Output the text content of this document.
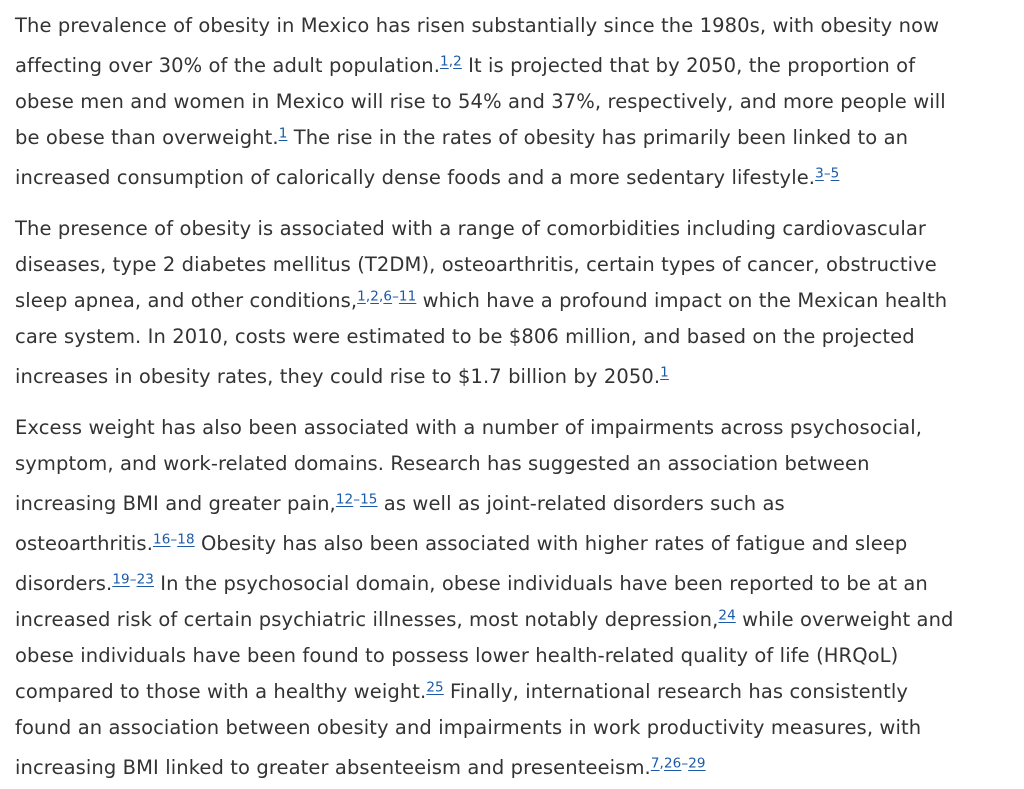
The prevalence of obesity in Mexico has risen substantially since the 1980s, with obesity now
affecting over 30% of the adult population.$^{1,2}$ It is projected that by 2050, the proportion of
obese men and women in Mexico will rise to 54% and 37%, respectively, and more people will
be obese than overweight.$^1$ The rise in the rates of obesity has primarily been linked to an
increased consumption of calorically dense foods and a more sedentary lifestyle.$^{3-5}$

The presence of obesity is associated with a range of comorbidities including cardiovascular
diseases, type 2 diabetes mellitus (T2DM), osteoarthritis, certain types of cancer, obstructive
sleep apnea, and other conditions,$^{1,2,6-11}$ which have a profound impact on the Mexican health
care system. In 2010, costs were estimated to be $806 million, and based on the projected
increases in obesity rates, they could rise to $1.7 billion by 2050.$^1$

Excess weight has also been associated with a number of impairments across psychosocial,
symptom, and work-related domains. Research has suggested an association between
increasing BMI and greater pain,$^{12-15}$ as well as joint-related disorders such as
osteoarthritis.$^{16-18}$ Obesity has also been associated with higher rates of fatigue and sleep
disorders.$^{19-23}$ In the psychosocial domain, obese individuals have been reported to be at an
increased risk of certain psychiatric illnesses, most notably depression,$^{24}$ while overweight and
obese individuals have been found to possess lower health-related quality of life (HRQoL)
compared to those with a healthy weight.$^{25}$ Finally, international research has consistently
found an association between obesity and impairments in work productivity measures, with
increasing BMI linked to greater absenteeism and presenteeism.$^{7,26-29}$
